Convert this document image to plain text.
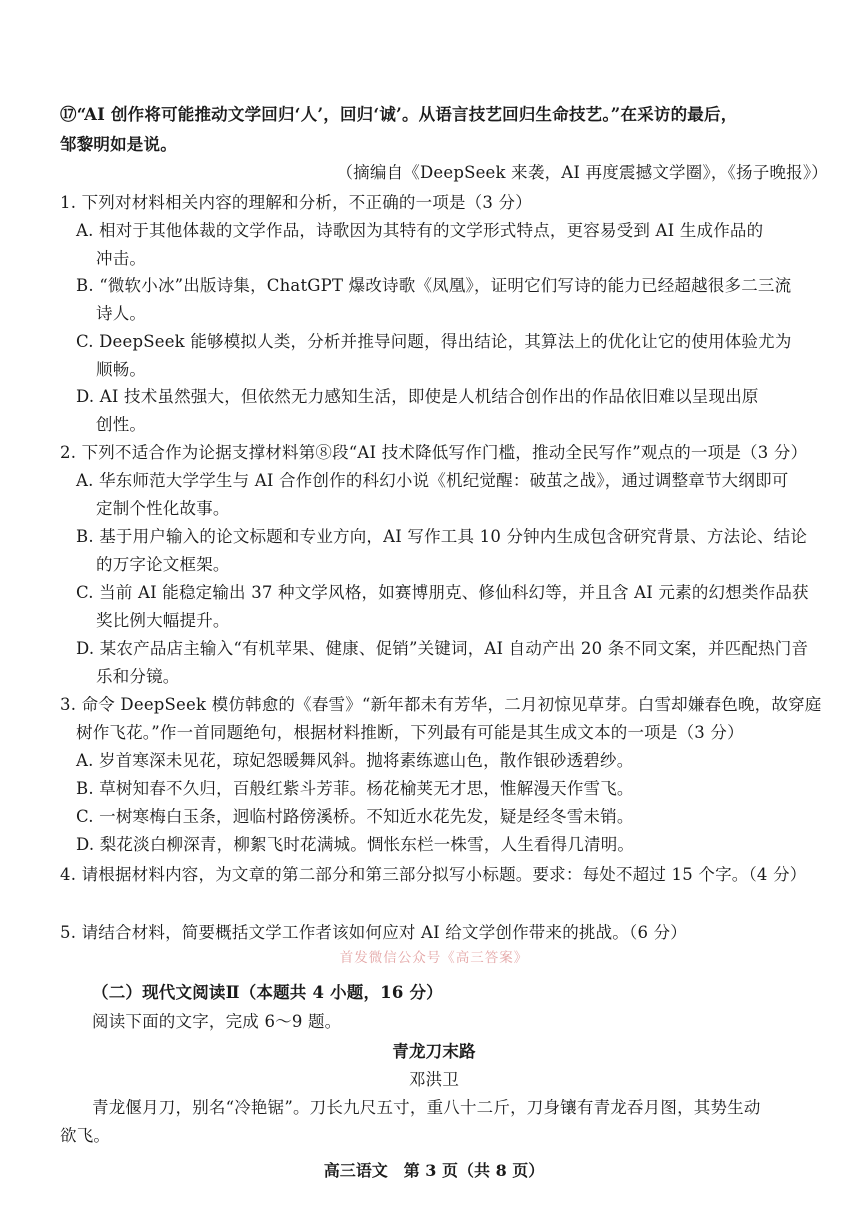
⑰“AI 创作将可能推动文学回归‘人’，回归‘诚’。从语言技艺回归生命技艺。”在采访的最后，
邹黎明如是说。
（摘编自《DeepSeek 来袭，AI 再度震撼文学圈》，《扬子晚报》）
1. 下列对材料相关内容的理解和分析，不正确的一项是（3 分）
A. 相对于其他体裁的文学作品，诗歌因为其特有的文学形式特点，更容易受到 AI 生成作品的
冲击。
B. “微软小冰”出版诗集，ChatGPT 爆改诗歌《凤凰》，证明它们写诗的能力已经超越很多二三流
诗人。
C. DeepSeek 能够模拟人类，分析并推导问题，得出结论，其算法上的优化让它的使用体验尤为
顺畅。
D. AI 技术虽然强大，但依然无力感知生活，即使是人机结合创作出的作品依旧难以呈现出原
创性。
2. 下列不适合作为论据支撑材料第⑧段“AI 技术降低写作门槛，推动全民写作”观点的一项是（3 分）
A. 华东师范大学学生与 AI 合作创作的科幻小说《机纪觉醒：破茧之战》，通过调整章节大纲即可
定制个性化故事。
B. 基于用户输入的论文标题和专业方向，AI 写作工具 10 分钟内生成包含研究背景、方法论、结论
的万字论文框架。
C. 当前 AI 能稳定输出 37 种文学风格，如赛博朋克、修仙科幻等，并且含 AI 元素的幻想类作品获
奖比例大幅提升。
D. 某农产品店主输入“有机苹果、健康、促销”关键词，AI 自动产出 20 条不同文案，并匹配热门音
乐和分镜。
3. 命令 DeepSeek 模仿韩愈的《春雪》“新年都未有芳华，二月初惊见草芽。白雪却嫌春色晚，故穿庭
树作飞花。”作一首同题绝句，根据材料推断，下列最有可能是其生成文本的一项是（3 分）
A. 岁首寒深未见花，琼妃怨暖舞风斜。抛将素练遮山色，散作银砂透碧纱。
B. 草树知春不久归，百般红紫斗芳菲。杨花榆荚无才思，惟解漫天作雪飞。
C. 一树寒梅白玉条，迥临村路傍溪桥。不知近水花先发，疑是经冬雪未销。
D. 梨花淡白柳深青，柳絮飞时花满城。惆怅东栏一株雪，人生看得几清明。
4. 请根据材料内容，为文章的第二部分和第三部分拟写小标题。要求：每处不超过 15 个字。（4 分）
5. 请结合材料，简要概括文学工作者该如何应对 AI 给文学创作带来的挑战。（6 分）
首发微信公众号《高三答案》
（二）现代文阅读Ⅱ（本题共 4 小题，16 分）
阅读下面的文字，完成 6～9 题。
青龙刀末路
邓洪卫
青龙偃月刀，别名“冷艳锯”。刀长九尺五寸，重八十二斤，刀身镶有青龙吞月图，其势生动
欲飞。
高三语文　第 3 页（共 8 页）
